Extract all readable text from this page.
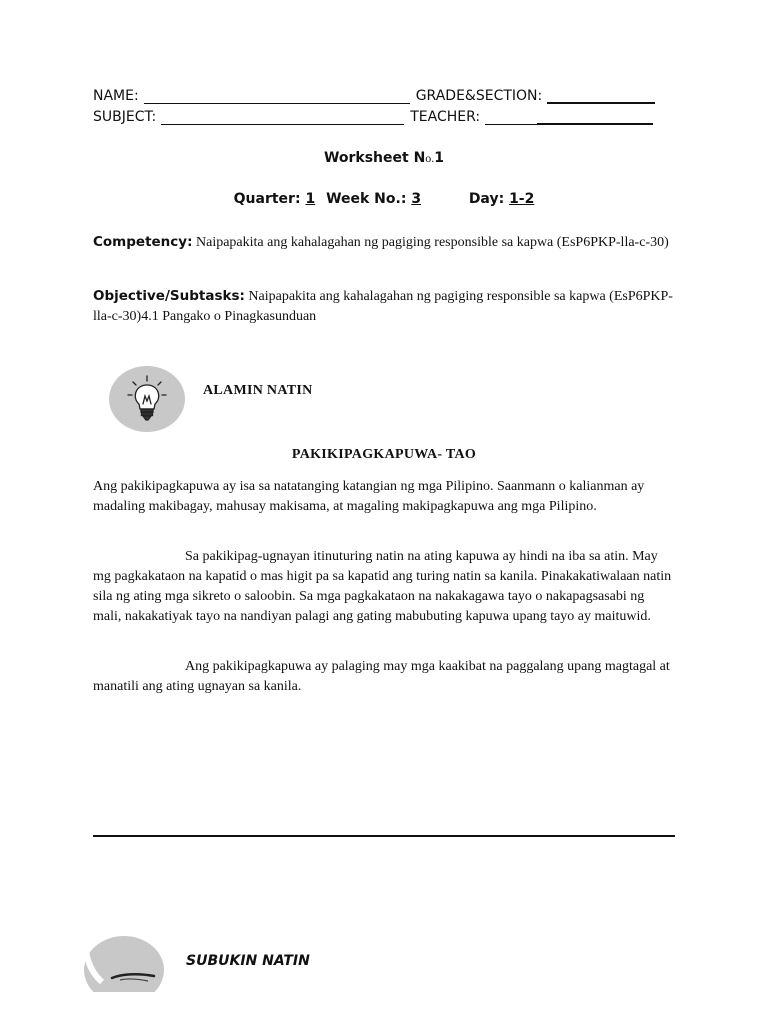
NAME:	GRADE&SECTION:
SUBJECT:	TEACHER:
Worksheet No.1
Quarter: 1 Week No.: 3	Day: 1-2
Competency: Naipapakita ang kahalagahan ng pagiging responsible sa kapwa (EsP6PKP-lla-c-30)
Objective/Subtasks: Naipapakita ang kahalagahan ng pagiging responsible sa kapwa (EsP6PKP-lla-c-30)4.1 Pangako o Pinagkasunduan
ALAMIN NATIN
PAKIKIPAGKAPUWA- TAO
Ang pakikipagkapuwa ay isa sa natatanging katangian ng mga Pilipino. Saanmann o kalianman ay madaling makibagay, mahusay makisama, at magaling makipagkapuwa ang mga Pilipino.
Sa pakikipag-ugnayan itinuturing natin na ating kapuwa ay hindi na iba sa atin. May mg pagkakataon na kapatid o mas higit pa sa kapatid ang turing natin sa kanila. Pinakakatiwalaan natin sila ng ating mga sikreto o saloobin. Sa mga pagkakataon na nakakagawa tayo o nakapagsasabi ng mali, nakakatiyak tayo na nandiyan palagi ang gating mabubuting kapuwa upang tayo ay maituwid.
Ang pakikipagkapuwa ay palaging may mga kaakibat na paggalang upang magtagal at manatili ang ating ugnayan sa kanila.
SUBUKIN NATIN
